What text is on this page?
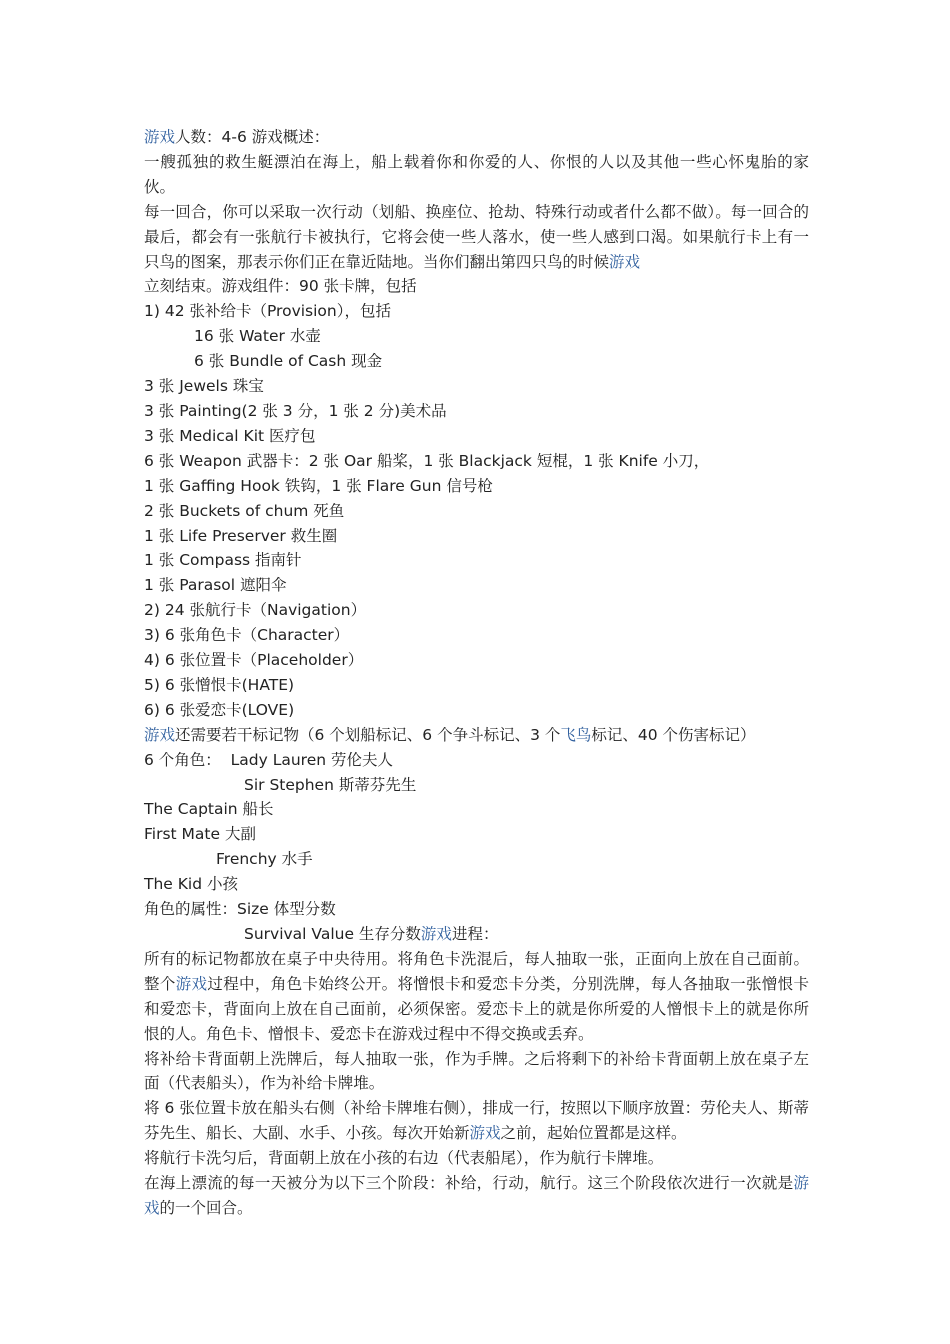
游戏人数：4-6 游戏概述：

一艘孤独的救生艇漂泊在海上，船上载着你和你爱的人、你恨的人以及其他一些心怀鬼胎的家伙。

每一回合，你可以采取一次行动（划船、换座位、抢劫、特殊行动或者什么都不做）。每一回合的最后，都会有一张航行卡被执行，它将会使一些人落水，使一些人感到口渴。如果航行卡上有一只鸟的图案，那表示你们正在靠近陆地。当你们翻出第四只鸟的时候游戏

立刻结束。游戏组件：90 张卡牌，包括

1) 42 张补给卡（Provision），包括

16 张 Water 水壶

6 张 Bundle of Cash 现金

3 张 Jewels 珠宝

3 张 Painting(2 张 3 分，1 张 2 分)美术品

3 张 Medical Kit 医疗包

6 张 Weapon 武器卡：2 张 Oar 船桨，1 张 Blackjack 短棍，1 张 Knife 小刀，

1 张 Gaffing Hook 铁钩，1 张 Flare Gun 信号枪

2 张 Buckets of chum 死鱼

1 张 Life Preserver 救生圈

1 张 Compass 指南针

1 张 Parasol 遮阳伞

2) 24 张航行卡（Navigation）

3) 6 张角色卡（Character）

4) 6 张位置卡（Placeholder）

5) 6 张憎恨卡(HATE)

6) 6 张爱恋卡(LOVE)

游戏还需要若干标记物（6 个划船标记、6 个争斗标记、3 个飞鸟标记、40 个伤害标记）

6 个角色：  Lady Lauren 劳伦夫人

Sir Stephen 斯蒂芬先生

The Captain 船长

First Mate 大副

Frenchy 水手

The Kid 小孩

角色的属性：Size 体型分数

Survival Value 生存分数游戏进程：

所有的标记物都放在桌子中央待用。将角色卡洗混后，每人抽取一张，正面向上放在自己面前。整个游戏过程中，角色卡始终公开。将憎恨卡和爱恋卡分类，分别洗牌，每人各抽取一张憎恨卡和爱恋卡，背面向上放在自己面前，必须保密。爱恋卡上的就是你所爱的人憎恨卡上的就是你所恨的人。角色卡、憎恨卡、爱恋卡在游戏过程中不得交换或丢弃。

将补给卡背面朝上洗牌后，每人抽取一张，作为手牌。之后将剩下的补给卡背面朝上放在桌子左面（代表船头），作为补给卡牌堆。

将 6 张位置卡放在船头右侧（补给卡牌堆右侧），排成一行，按照以下顺序放置：劳伦夫人、斯蒂芬先生、船长、大副、水手、小孩。每次开始新游戏之前，起始位置都是这样。

将航行卡洗匀后，背面朝上放在小孩的右边（代表船尾），作为航行卡牌堆。

在海上漂流的每一天被分为以下三个阶段：补给，行动，航行。这三个阶段依次进行一次就是游戏的一个回合。
